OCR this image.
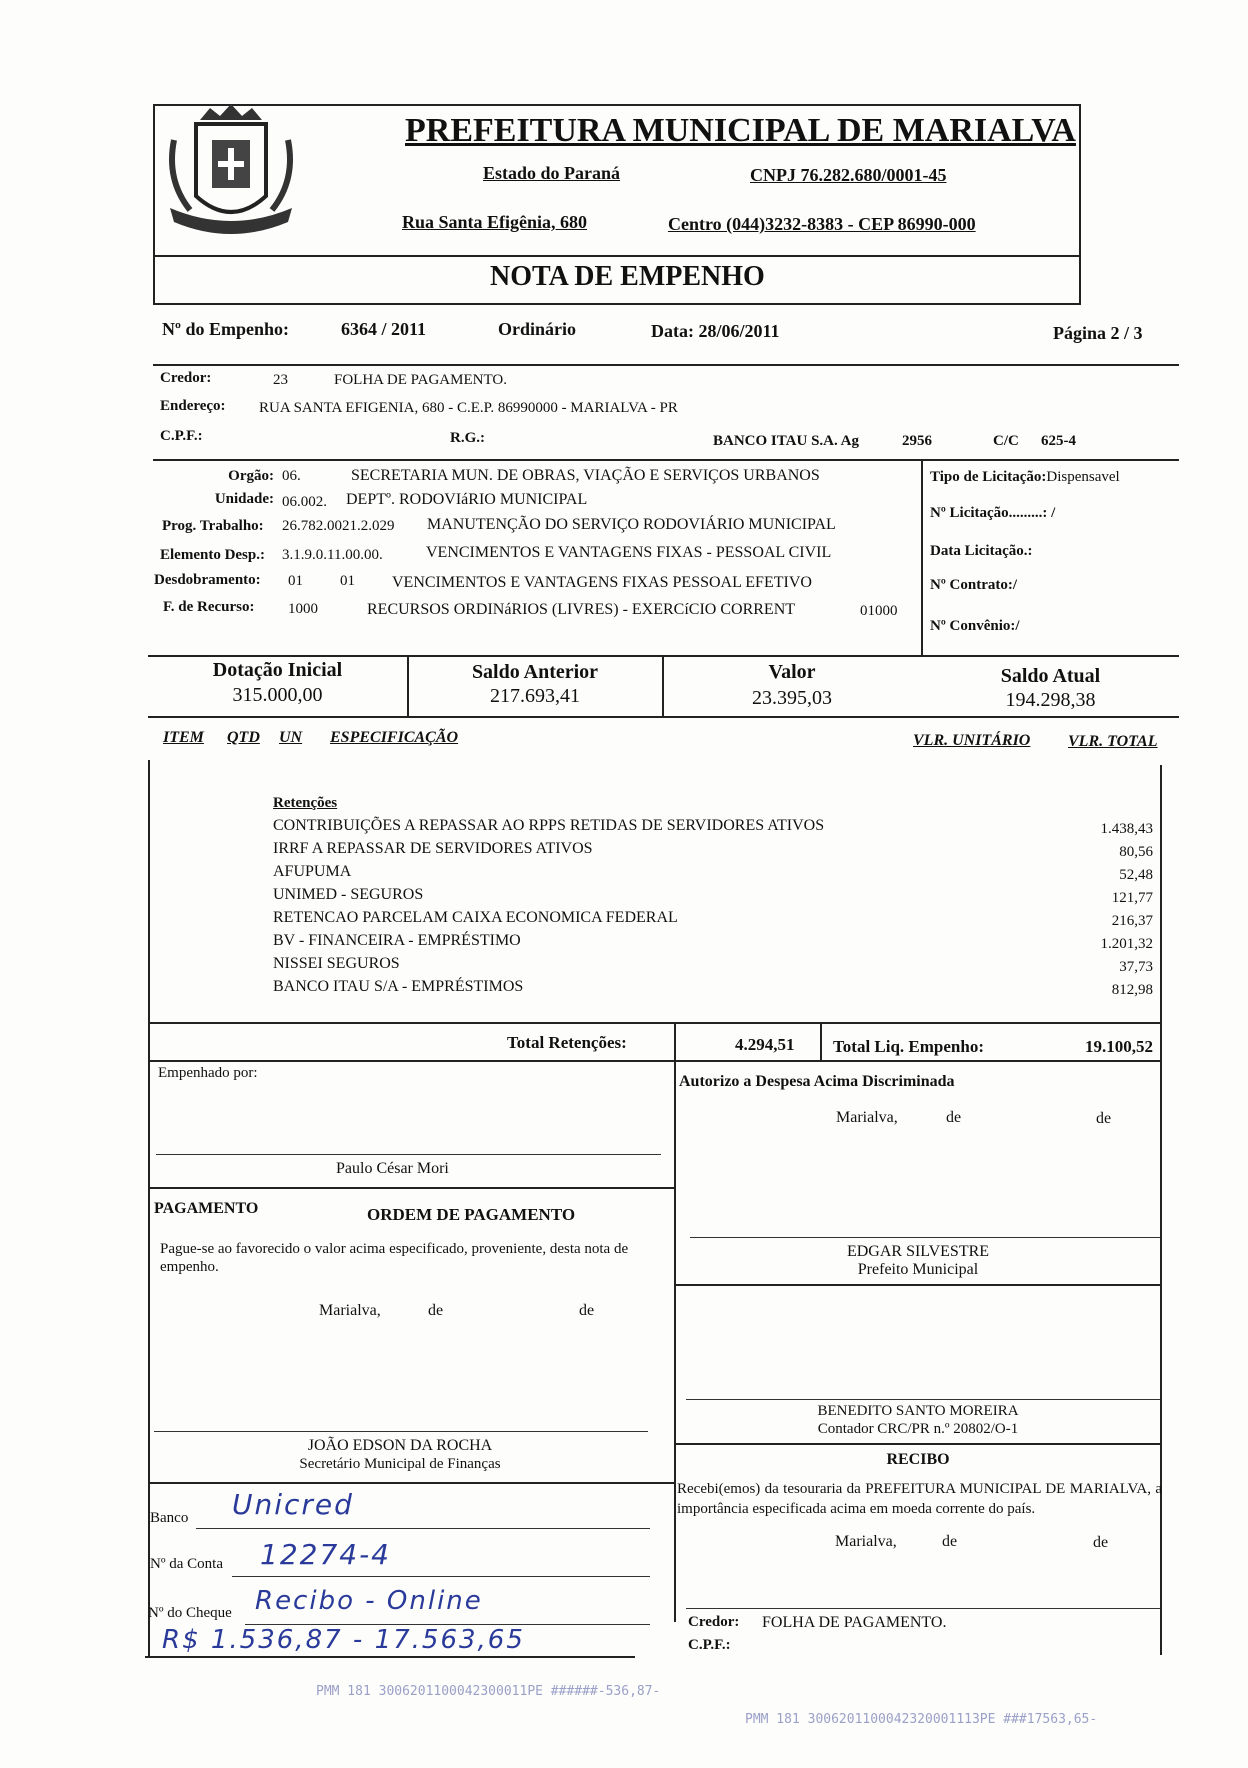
PREFEITURA MUNICIPAL DE MARIALVA
Estado do Paraná	CNPJ 76.282.680/0001-45
Rua Santa Efigênia, 680	Centro (044)3232-8383 - CEP 86990-000
NOTA DE EMPENHO
Nº do Empenho:	6364 / 2011	Ordinário	Data: 28/06/2011	Página 2 / 3
Credor:	23	FOLHA DE PAGAMENTO.
Endereço: RUA SANTA EFIGENIA, 680 - C.E.P. 86990000 - MARIALVA - PR
C.P.F.:	R.G.:	BANCO ITAU S.A. Ag	2956	C/C 625-4
Orgão: 06.	SECRETARIA MUN. DE OBRAS, VIAÇÃO E SERVIÇOS URBANOS
Unidade: 06.002. DEPTº. RODOVIáRIO MUNICIPAL
Prog. Trabalho: 26.782.0021.2.029 MANUTENÇÃO DO SERVIÇO RODOVIÁRIO MUNICIPAL
Elemento Desp.: 3.1.9.0.11.00.00.	VENCIMENTOS E VANTAGENS FIXAS - PESSOAL CIVIL
Desdobramento: 01 01 VENCIMENTOS E VANTAGENS FIXAS PESSOAL EFETIVO
F. de Recurso: 1000	RECURSOS ORDINáRIOS (LIVRES) - EXERCíCIO CORRENT	01000
Tipo de Licitação:Dispensavel
Nº Licitação.........: /
Data Licitação.:
Nº Contrato:/
Nº Convênio:/
Dotação Inicial
315.000,00
Saldo Anterior
217.693,41
Valor
23.395,03
Saldo Atual
194.298,38
ITEM QTD UN ESPECIFICAÇÃO	VLR. UNITÁRIO VLR. TOTAL
Retenções
CONTRIBUIÇÕES A REPASSAR AO RPPS RETIDAS DE SERVIDORES ATIVOS	1.438,43
IRRF A REPASSAR DE SERVIDORES ATIVOS	80,56
AFUPUMA	52,48
UNIMED - SEGUROS	121,77
RETENCAO PARCELAM CAIXA ECONOMICA FEDERAL	216,37
BV - FINANCEIRA - EMPRÉSTIMO	1.201,32
NISSEI SEGUROS	37,73
BANCO ITAU S/A - EMPRÉSTIMOS	812,98
Total Retenções:	4.294,51 Total Liq. Empenho:	19.100,52
Empenhado por:
Paulo César Mori
Autorizo a Despesa Acima Discriminada
Marialva,	de	de
EDGAR SILVESTRE
Prefeito Municipal
PAGAMENTO	ORDEM DE PAGAMENTO
Pague-se ao favorecido o valor acima especificado, proveniente, desta nota de empenho.
Marialva,	de	de
JOÃO EDSON DA ROCHA
Secretário Municipal de Finanças
BENEDITO SANTO MOREIRA
Contador CRC/PR n.º 20802/O-1
RECIBO
Recebi(emos) da tesouraria da PREFEITURA MUNICIPAL DE MARIALVA, a importância especificada acima em moeda corrente do país.
Marialva,	de	de
Credor: FOLHA DE PAGAMENTO.
C.P.F.:
Banco Unicred
Nº da Conta 12274-4
Nº do Cheque Recibo - Online
R$ 1.536,87 - 17.563,65
PMM 181 3006201100042300011PE ######-536,87-
PMM 181 3006201100042320001113PE ###17563,65-
